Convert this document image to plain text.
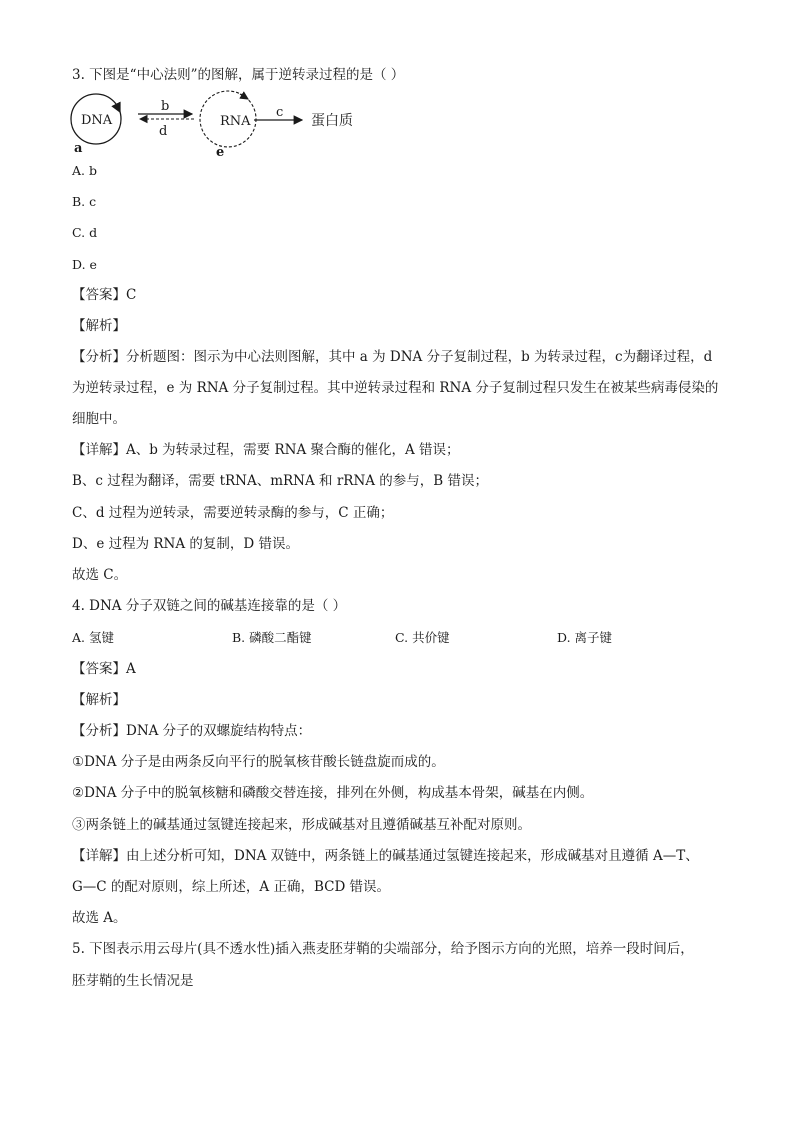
3. 下图是“中心法则”的图解，属于逆转录过程的是（ ）
DNA
a
b
d
RNA
e
c
蛋白质
A. b
B. c
C. d
D. e
【答案】C
【解析】
【分析】分析题图：图示为中心法则图解，其中 a 为 DNA 分子复制过程，b 为转录过程，c为翻译过程，d
为逆转录过程，e 为 RNA 分子复制过程。其中逆转录过程和 RNA 分子复制过程只发生在被某些病毒侵染的
细胞中。
【详解】A、b 为转录过程，需要 RNA 聚合酶的催化，A 错误；
B、c 过程为翻译，需要 tRNA、mRNA 和 rRNA 的参与，B 错误；
C、d 过程为逆转录，需要逆转录酶的参与，C 正确；
D、e 过程为 RNA 的复制，D 错误。
故选 C。
4. DNA 分子双链之间的碱基连接靠的是（ ）
A. 氢键	B. 磷酸二酯键	C. 共价键	D. 离子键
【答案】A
【解析】
【分析】DNA 分子的双螺旋结构特点：
①DNA 分子是由两条反向平行的脱氧核苷酸长链盘旋而成的。
②DNA 分子中的脱氧核糖和磷酸交替连接，排列在外侧，构成基本骨架，碱基在内侧。
③两条链上的碱基通过氢键连接起来，形成碱基对且遵循碱基互补配对原则。
【详解】由上述分析可知，DNA 双链中，两条链上的碱基通过氢键连接起来，形成碱基对且遵循 A—T、
G—C 的配对原则，综上所述，A 正确，BCD 错误。
故选 A。
5. 下图表示用云母片(具不透水性)插入燕麦胚芽鞘的尖端部分，给予图示方向的光照，培养一段时间后，
胚芽鞘的生长情况是
